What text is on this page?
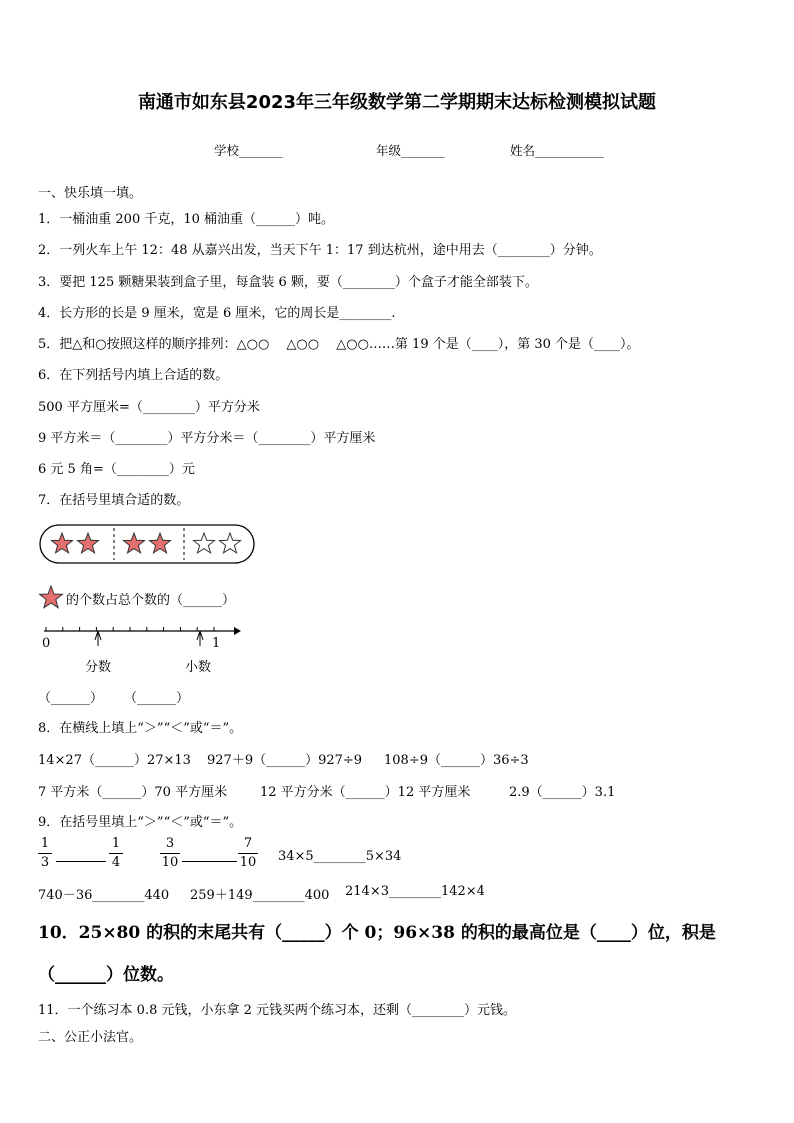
南通市如东县2023年三年级数学第二学期期末达标检测模拟试题
学校_______	年级_______	姓名___________
一、快乐填一填。
1．一桶油重 200 千克，10 桶油重（______）吨。
2．一列火车上午 12：48 从嘉兴出发，当天下午 1：17 到达杭州，途中用去（________）分钟。
3．要把 125 颗糖果装到盒子里，每盒装 6 颗，要（________）个盒子才能全部装下。
4．长方形的长是 9 厘米，宽是 6 厘米，它的周长是________.
5．把△和○按照这样的顺序排列：△○○　 △○○　 △○○……第 19 个是（____），第 30 个是（____）。
6．在下列括号内填上合适的数。
500 平方厘米=（________）平方分米
9 平方米＝（________）平方分米＝（________）平方厘米
6 元 5 角=（________）元
7．在括号里填合适的数。
的个数占总个数的（______）
0	1
分数	小数
（______） （______）
8．在横线上填上“＞”“＜”或“＝”。
14×27（______）27×13 927＋9（______）927÷9 108÷9（______）36÷3
7 平方米（______）70 平方厘米	12 平方分米（______）12 平方厘米	2.9（______）3.1
9．在括号里填上“＞”“＜”或“＝”。
1
3
1
4
3
10
7
10 34×5________5×34
740－36________440 259＋149________400 214×3________142×4
10．25×80 的积的末尾共有（_____）个 0；96×38 的积的最高位是（____）位，积是
（______）位数。
11．一个练习本 0.8 元钱，小东拿 2 元钱买两个练习本，还剩（________）元钱。
二、公正小法官。
